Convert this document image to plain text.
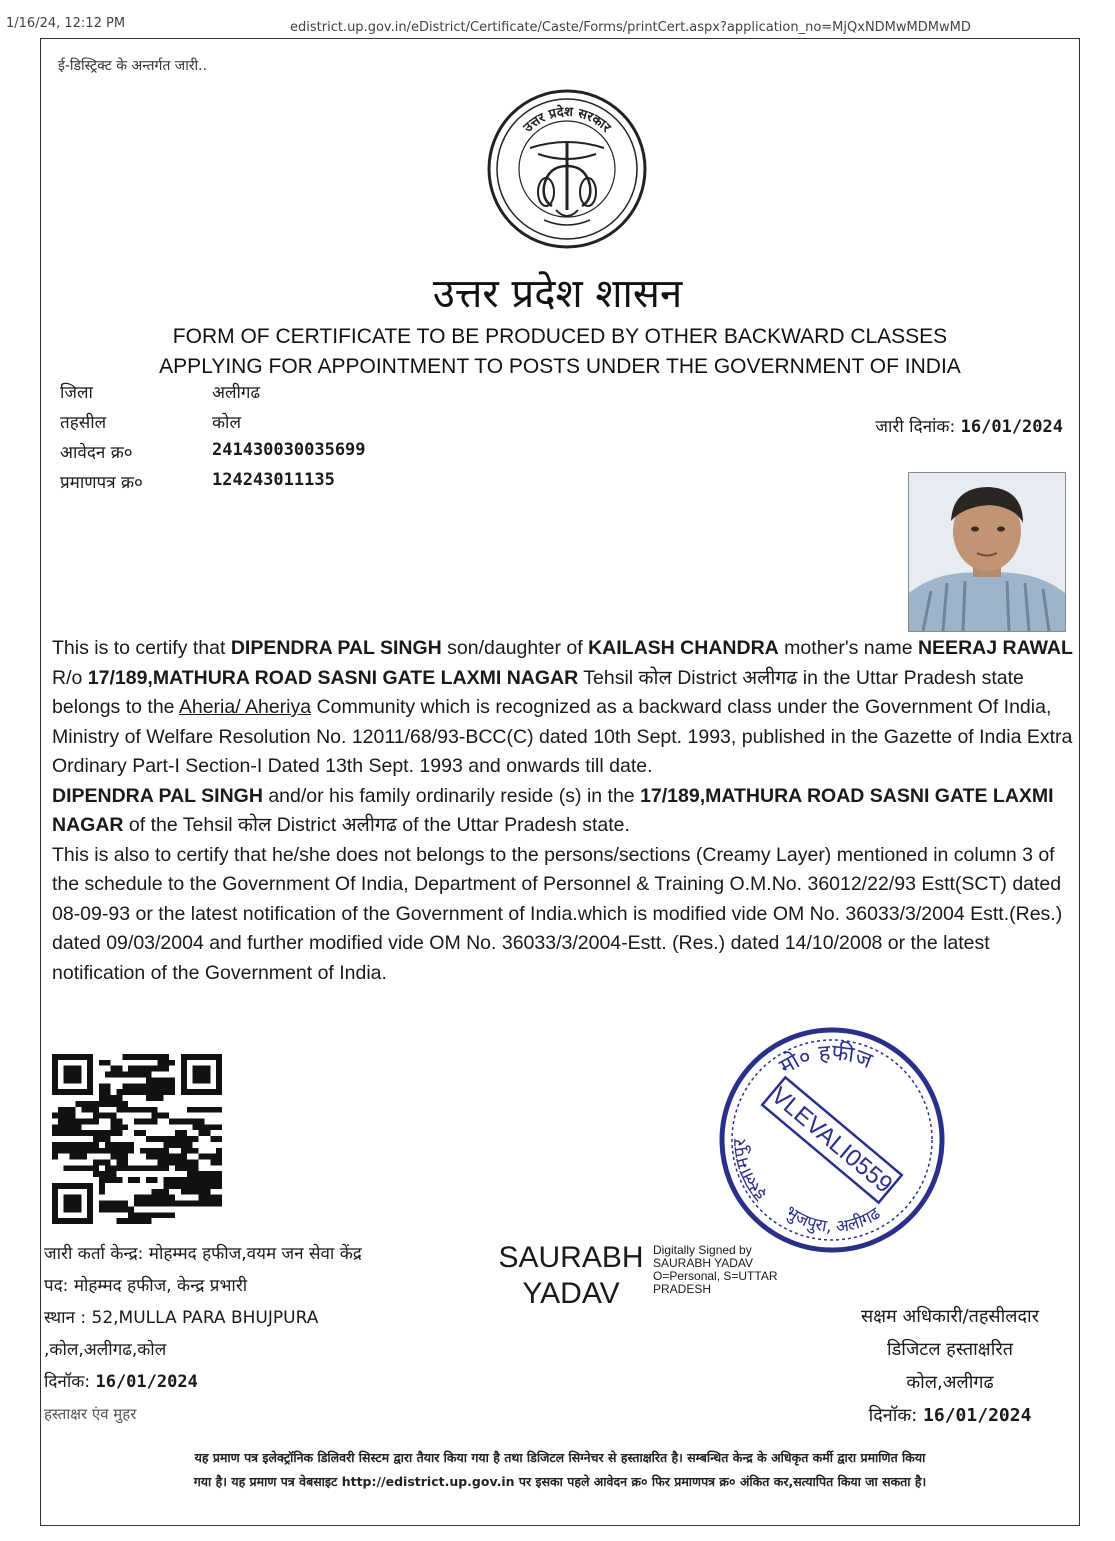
1/16/24, 12:12 PM	edistrict.up.gov.in/eDistrict/Certificate/Caste/Forms/printCert.aspx?application_no=MjQxNDMwMDMwMD
ई-डिस्ट्रिक्ट के अन्तर्गत जारी..
उत्तर प्रदेश सरकार
उत्तर प्रदेश शासन
FORM OF CERTIFICATE TO BE PRODUCED BY OTHER BACKWARD CLASSES
APPLYING FOR APPOINTMENT TO POSTS UNDER THE GOVERNMENT OF INDIA
जिला	अलीगढ
तहसील	कोल
आवेदन क्र०	241430030035699
प्रमाणपत्र क्र०	124243011135
जारी दिनांक: 16/01/2024

This is to certify that DIPENDRA PAL SINGH son/daughter of KAILASH CHANDRA mother's name NEERAJ RAWAL R/o 17/189,MATHURA ROAD SASNI GATE LAXMI NAGAR Tehsil कोल District अलीगढ in the Uttar Pradesh state belongs to the Aheria/ Aheriya Community which is recognized as a backward class under the Government Of India, Ministry of Welfare Resolution No. 12011/68/93-BCC(C) dated 10th Sept. 1993, published in the Gazette of India Extra Ordinary Part-I Section-I Dated 13th Sept. 1993 and onwards till date.

DIPENDRA PAL SINGH and/or his family ordinarily reside (s) in the 17/189,MATHURA ROAD SASNI GATE LAXMI NAGAR of the Tehsil कोल District अलीगढ of the Uttar Pradesh state.

This is also to certify that he/she does not belongs to the persons/sections (Creamy Layer) mentioned in column 3 of the schedule to the Government Of India, Department of Personnel & Training O.M.No. 36012/22/93 Estt(SCT) dated 08-09-93 or the latest notification of the Government of India.which is modified vide OM No. 36033/3/2004 Estt.(Res.) dated 09/03/2004 and further modified vide OM No. 36033/3/2004-Estt. (Res.) dated 14/10/2008 or the latest notification of the Government of India.

जारी कर्ता केन्द्र: मोहम्मद हफीज,वयम जन सेवा केंद्र
पद: मोहम्मद हफीज, केन्द्र प्रभारी
स्थान : 52,MULLA PARA BHUJPURA
,कोल,अलीगढ,कोल
दिनॉक: 16/01/2024
हस्ताक्षर एंव मुहर
SAURABH
YADAV
Digitally Signed by
SAURABH YADAV
O=Personal, S=UTTAR
PRADESH
मो० हफीज
इस्लामपुर
भुजपुरा, अलीगढ
VLEVALI0559
सक्षम अधिकारी/तहसीलदार
डिजिटल हस्ताक्षरित
कोल,अलीगढ
दिनॉक: 16/01/2024
यह प्रमाण पत्र इलेक्ट्रॉनिक डिलिवरी सिस्टम द्वारा तैयार किया गया है तथा डिजिटल सिग्नेचर से हस्ताक्षरित है। सम्बन्धित केन्द्र के अधिकृत कर्मी द्वारा प्रमाणित किया
गया है। यह प्रमाण पत्र वेबसाइट http://edistrict.up.gov.in पर इसका पहले आवेदन क्र० फिर प्रमाणपत्र क्र० अंकित कर,सत्यापित किया जा सकता है।
